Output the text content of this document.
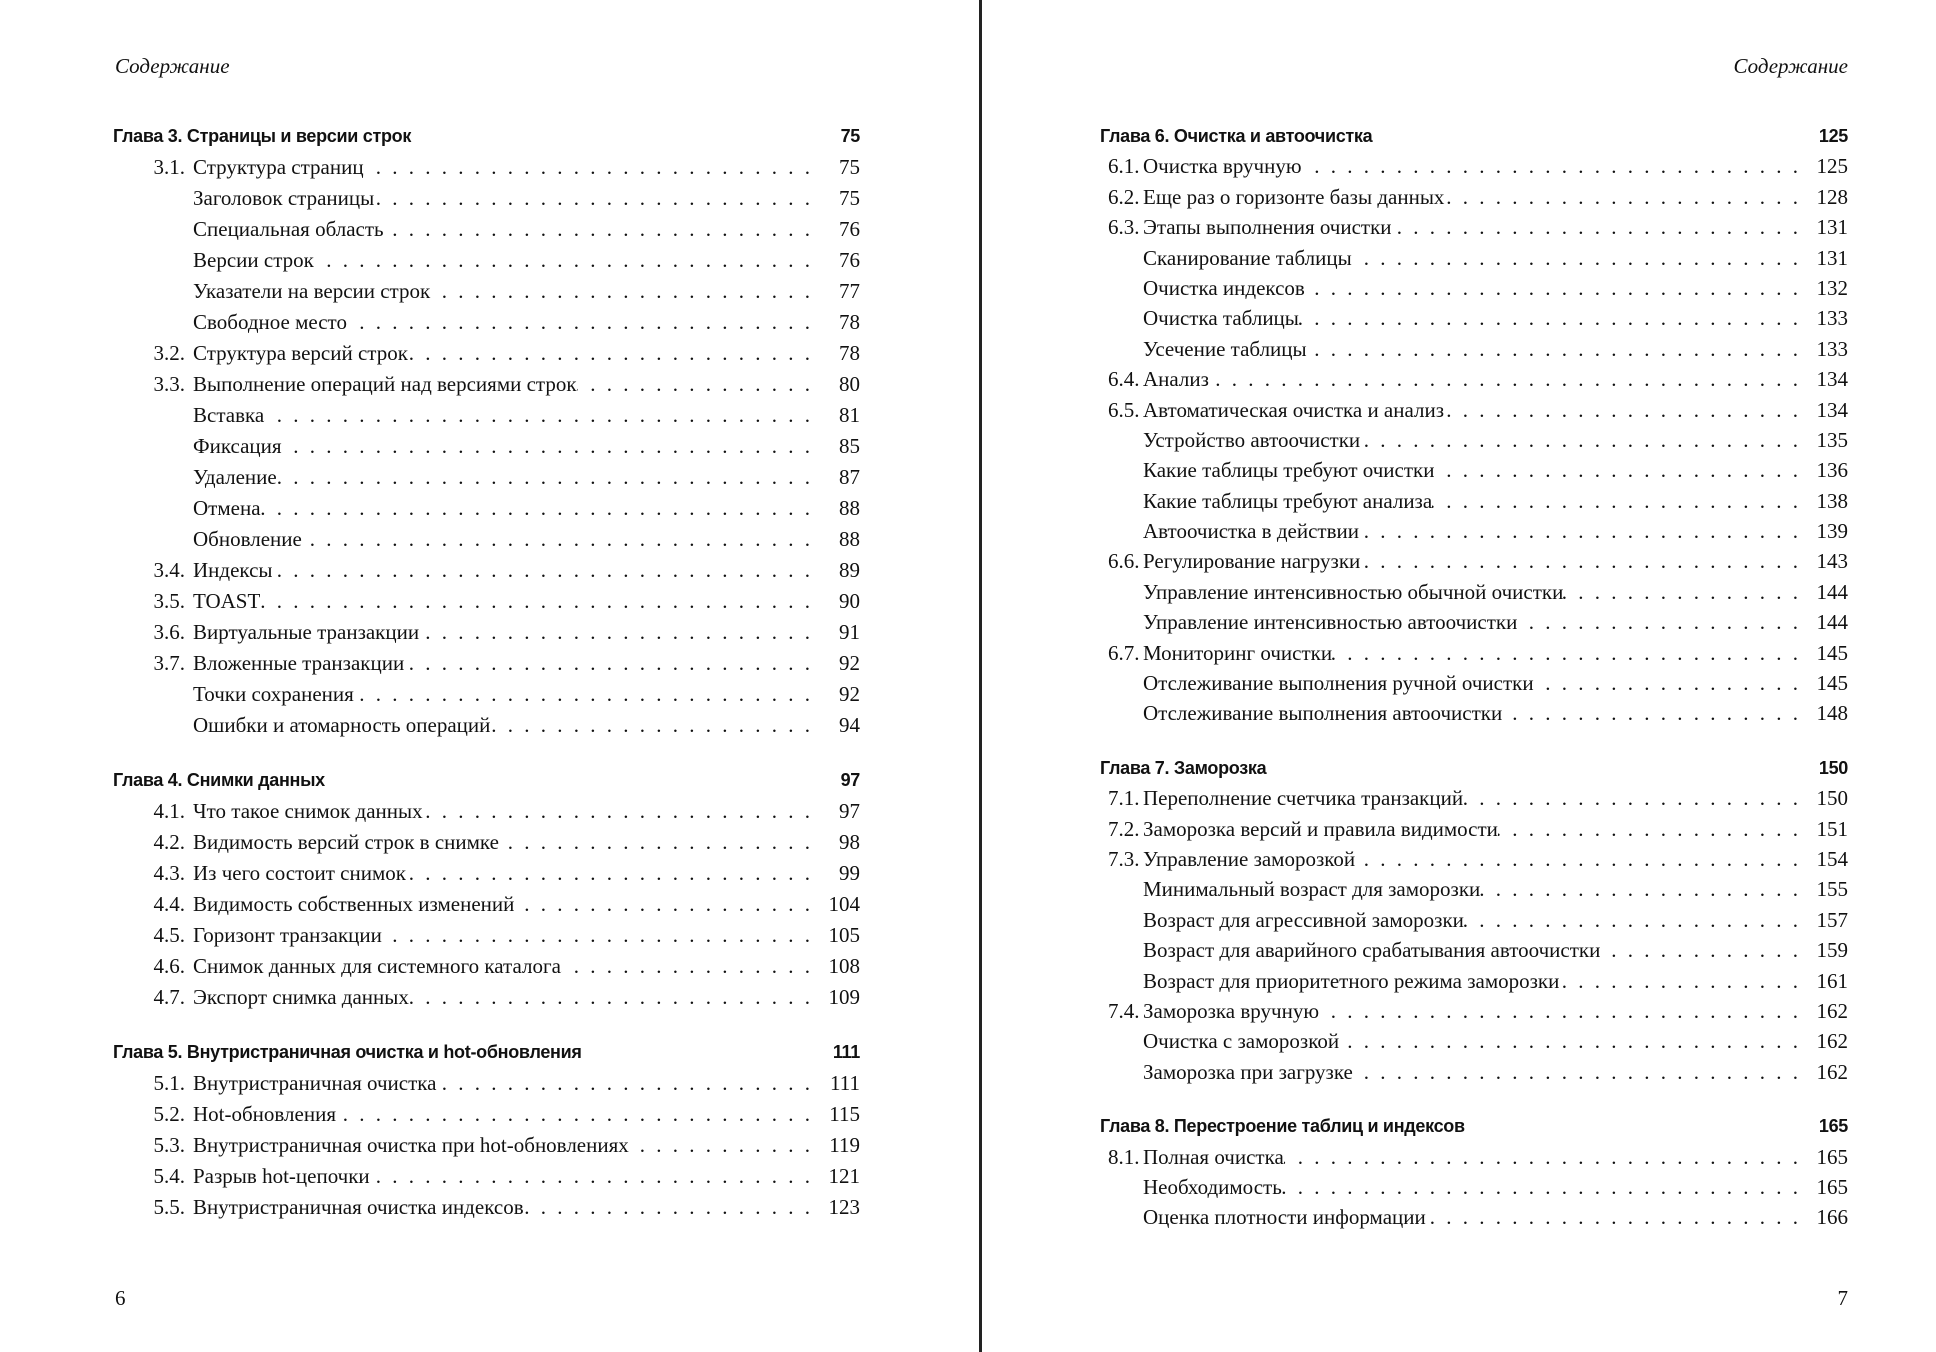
Содержание
Глава 3. Страницы и версии строк	75
3.1. Структура страниц . . .	75
Заголовок страницы . . .	75
Специальная область . . .	76
Версии строк . . .	76
Указатели на версии строк . . .	77
Свободное место . . .	78
3.2. Структура версий строк . . .	78
3.3. Выполнение операций над версиями строк . . .	80
Вставка . . .	81
Фиксация . . .	85
Удаление . . .	87
Отмена . . .	88
Обновление . . .	88
3.4. Индексы . . .	89
3.5. TOAST . . .	90
3.6. Виртуальные транзакции . . .	91
3.7. Вложенные транзакции . . .	92
Точки сохранения . . .	92
Ошибки и атомарность операций . . .	94
Глава 4. Снимки данных	97
4.1. Что такое снимок данных . . .	97
4.2. Видимость версий строк в снимке . . .	98
4.3. Из чего состоит снимок . . .	99
4.4. Видимость собственных изменений . . .	104
4.5. Горизонт транзакции . . .	105
4.6. Снимок данных для системного каталога . . .	108
4.7. Экспорт снимка данных . . .	109
Глава 5. Внутристраничная очистка и hot-обновления	111
5.1. Внутристраничная очистка . . .	111
5.2. Hot-обновления . . .	115
5.3. Внутристраничная очистка при hot-обновлениях . . .	119
5.4. Разрыв hot-цепочки . . .	121
5.5. Внутристраничная очистка индексов . . .	123
6
Содержание
Глава 6. Очистка и автоочистка	125
6.1. Очистка вручную . . .	125
6.2. Еще раз о горизонте базы данных . . .	128
6.3. Этапы выполнения очистки . . .	131
Сканирование таблицы . . .	131
Очистка индексов . . .	132
Очистка таблицы . . .	133
Усечение таблицы . . .	133
6.4. Анализ . . .	134
6.5. Автоматическая очистка и анализ . . .	134
Устройство автоочистки . . .	135
Какие таблицы требуют очистки . . .	136
Какие таблицы требуют анализа . . .	138
Автоочистка в действии . . .	139
6.6. Регулирование нагрузки . . .	143
Управление интенсивностью обычной очистки . . .	144
Управление интенсивностью автоочистки . . .	144
6.7. Мониторинг очистки . . .	145
Отслеживание выполнения ручной очистки . . .	145
Отслеживание выполнения автоочистки . . .	148
Глава 7. Заморозка	150
7.1. Переполнение счетчика транзакций . . .	150
7.2. Заморозка версий и правила видимости . . .	151
7.3. Управление заморозкой . . .	154
Минимальный возраст для заморозки . . .	155
Возраст для агрессивной заморозки . . .	157
Возраст для аварийного срабатывания автоочистки . . .	159
Возраст для приоритетного режима заморозки . . .	161
7.4. Заморозка вручную . . .	162
Очистка с заморозкой . . .	162
Заморозка при загрузке . . .	162
Глава 8. Перестроение таблиц и индексов	165
8.1. Полная очистка . . .	165
Необходимость . . .	165
Оценка плотности информации . . .	166
7
